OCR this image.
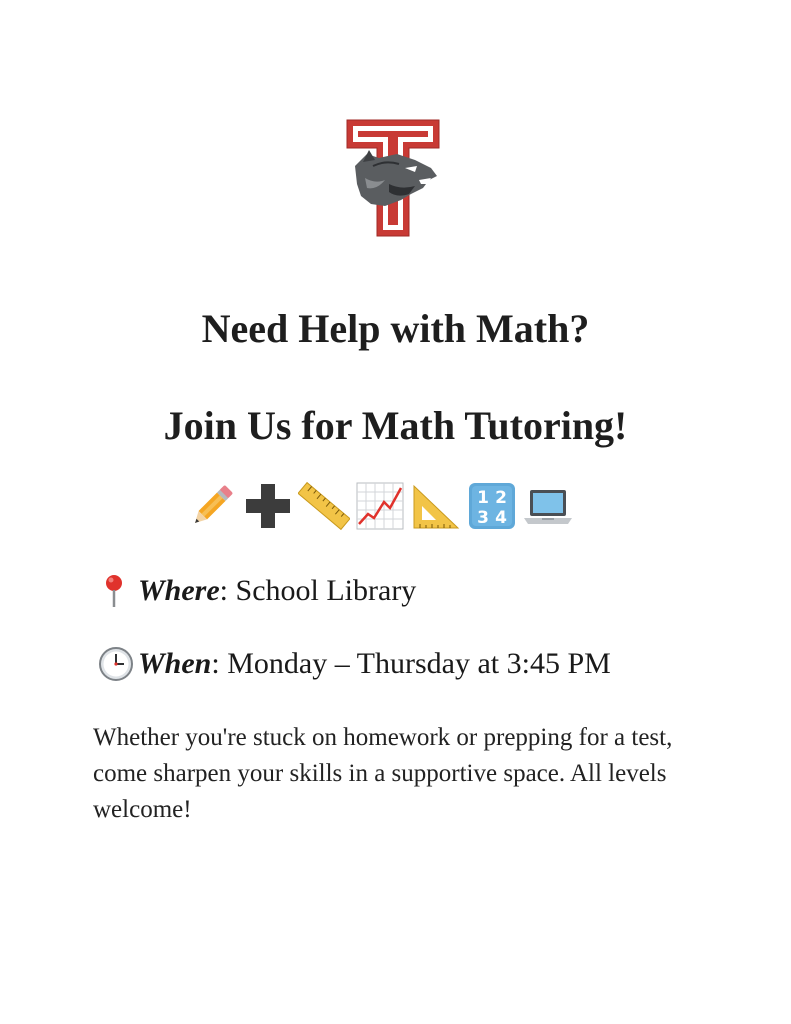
Need Help with Math?
Join Us for Math Tutoring!
1 2
3 4
Where : School Library
When : Monday – Thursday at 3:45 PM
Whether you're stuck on homework or prepping for a test, come sharpen your skills in a supportive space. All levels welcome!
